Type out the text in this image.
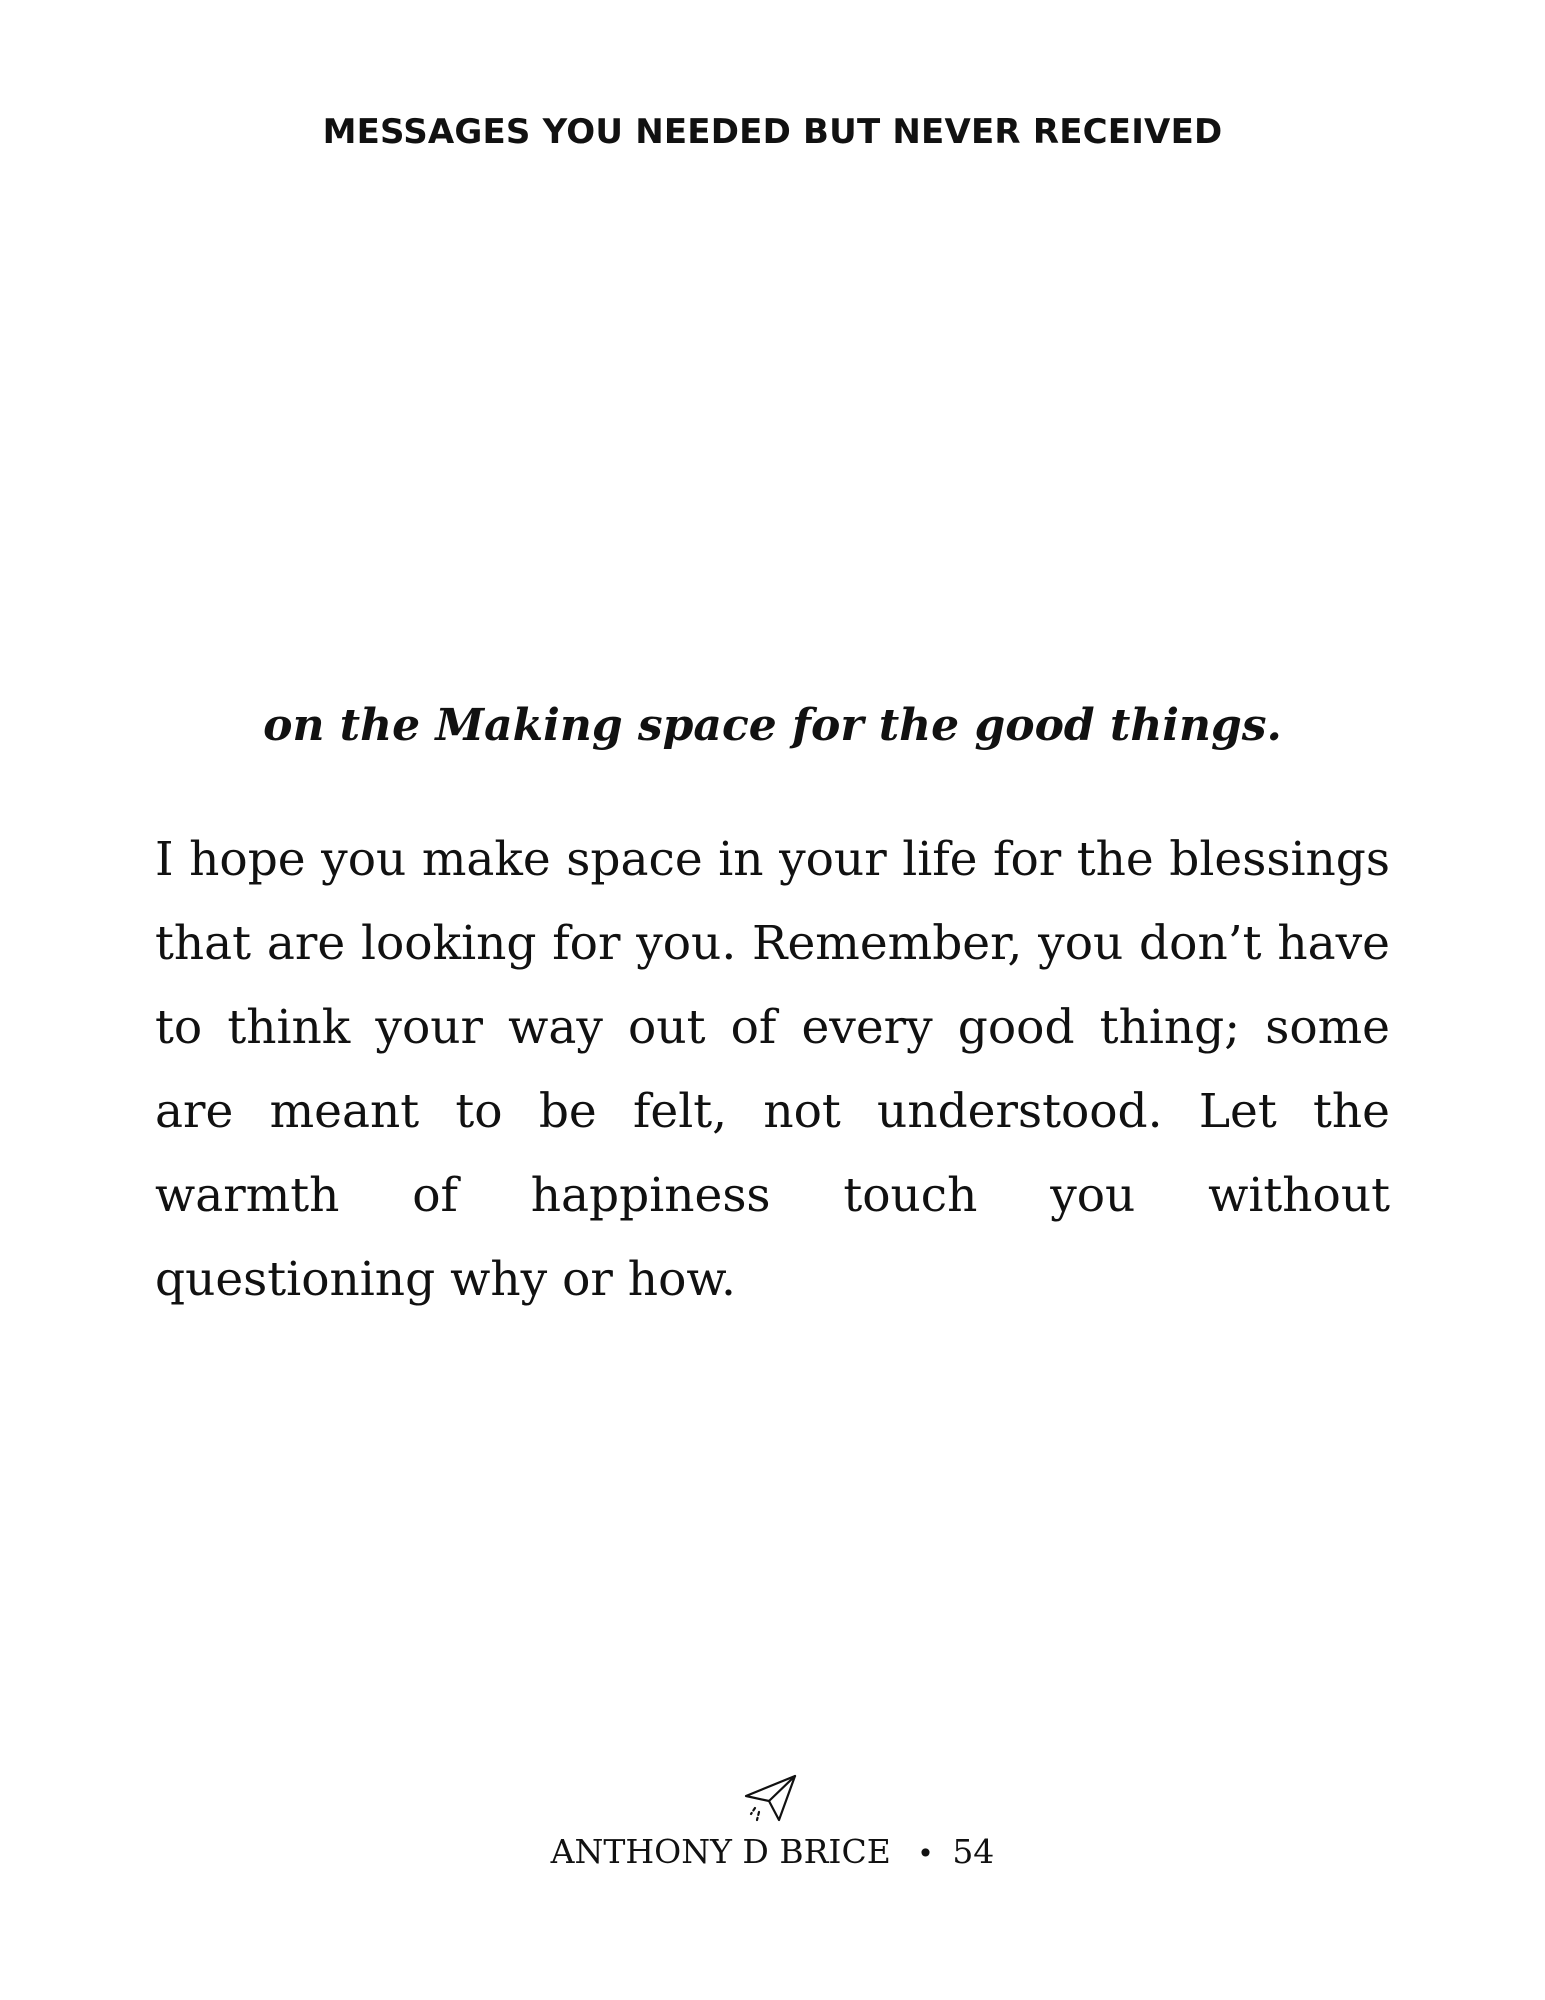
MESSAGES YOU NEEDED BUT NEVER RECEIVED
on the Making space for the good things.

I hope you make space in your life for the blessings that are looking for you. Remember, you don’t have to think your way out of every good thing; some are meant to be felt, not understood. Let the warmth of happiness touch you without questioning why or how.

ANTHONY D BRICE • 54
